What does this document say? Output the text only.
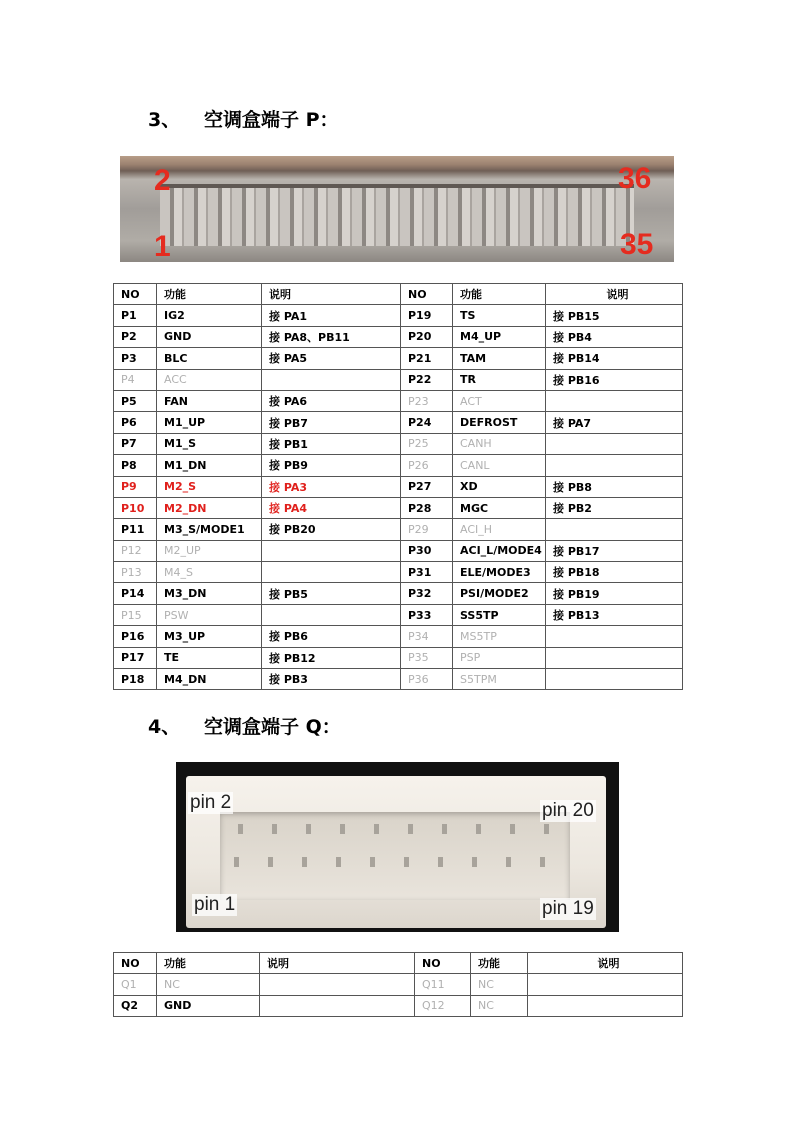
3、 空调盒端子 P：
2
1
36
35
NO	功能	说明	NO	功能	说明
P1	IG2	接 PA1	P19	TS	接 PB15
P2	GND	接 PA8、PB11	P20	M4_UP	接 PB4
P3	BLC	接 PA5	P21	TAM	接 PB14
P4	ACC		P22	TR	接 PB16
P5	FAN	接 PA6	P23	ACT	
P6	M1_UP	接 PB7	P24	DEFROST	接 PA7
P7	M1_S	接 PB1	P25	CANH	
P8	M1_DN	接 PB9	P26	CANL	
P9	M2_S	接 PA3	P27	XD	接 PB8
P10	M2_DN	接 PA4	P28	MGC	接 PB2
P11	M3_S/MODE1	接 PB20	P29	ACI_H	
P12	M2_UP		P30	ACI_L/MODE4	接 PB17
P13	M4_S		P31	ELE/MODE3	接 PB18
P14	M3_DN	接 PB5	P32	PSI/MODE2	接 PB19
P15	PSW		P33	SS5TP	接 PB13
P16	M3_UP	接 PB6	P34	MS5TP	
P17	TE	接 PB12	P35	PSP	
P18	M4_DN	接 PB3	P36	S5TPM	
4、 空调盒端子 Q：
pin 2	pin 20
pin 1	pin 19
NO	功能	说明	NO	功能	说明
Q1	NC		Q11	NC	
Q2	GND		Q12	NC	
